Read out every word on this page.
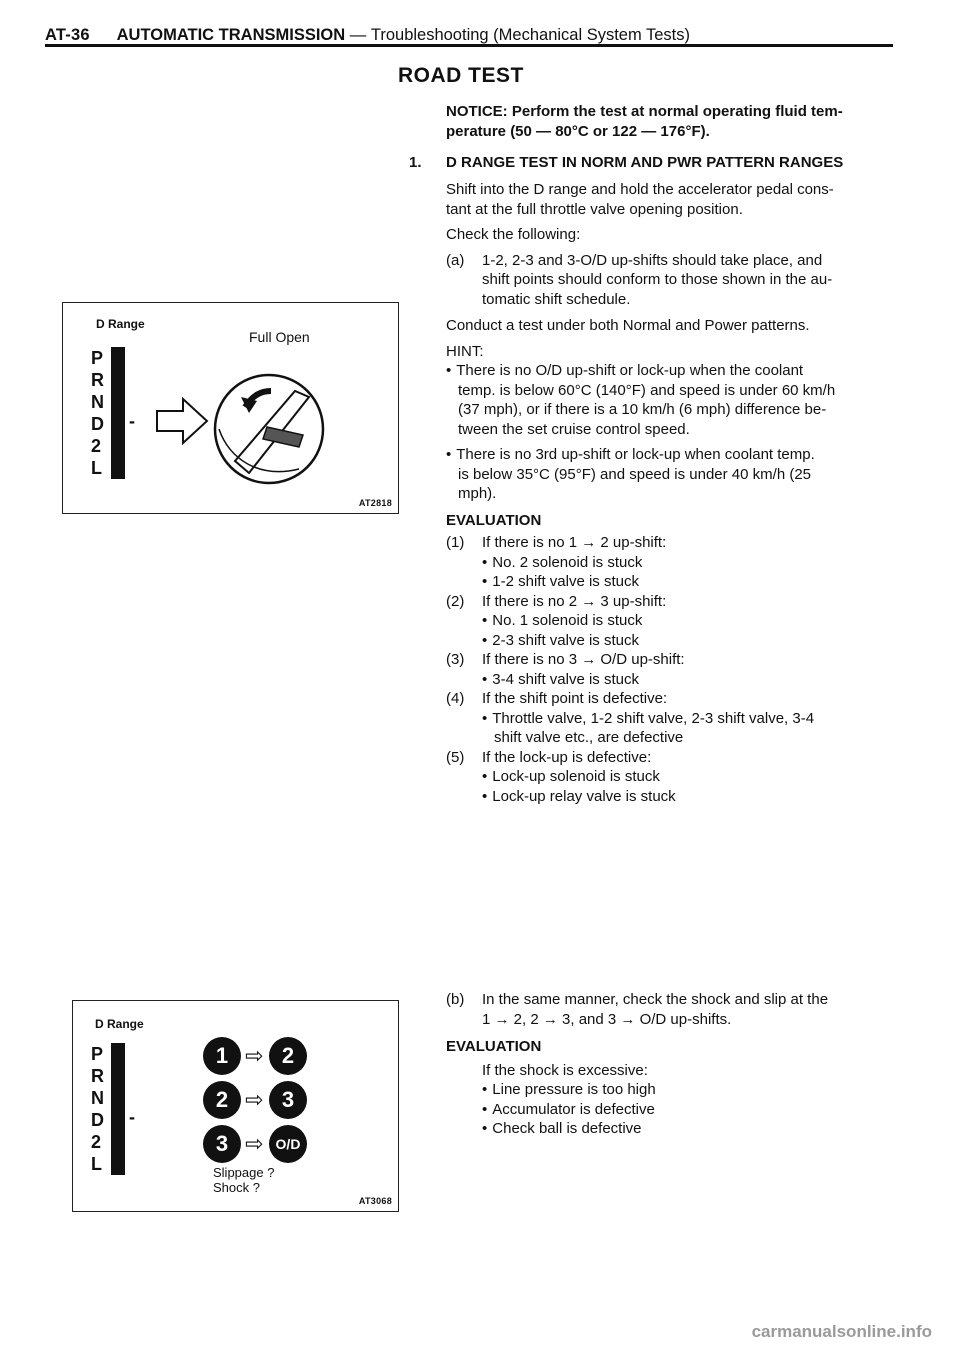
AT-36 AUTOMATIC TRANSMISSION — Troubleshooting (Mechanical System Tests)
ROAD TEST
NOTICE: Perform the test at normal operating fluid tem-
perature (50 — 80°C or 122 — 176°F).
1. D RANGE TEST IN NORM AND PWR PATTERN RANGES
Shift into the D range and hold the accelerator pedal cons-
tant at the full throttle valve opening position.
Check the following:
(a)	1-2, 2-3 and 3-O/D up-shifts should take place, and
shift points should conform to those shown in the au-
tomatic shift schedule.
Conduct a test under both Normal and Power patterns.
HINT:
• There is no O/D up-shift or lock-up when the coolant
temp. is below 60°C (140°F) and speed is under 60 km/h
(37 mph), or if there is a 10 km/h (6 mph) difference be-
tween the set cruise control speed.
• There is no 3rd up-shift or lock-up when coolant temp.
is below 35°C (95°F) and speed is under 40 km/h (25
mph).
EVALUATION
(1)	If there is no 1 → 2 up-shift:
• No. 2 solenoid is stuck
• 1-2 shift valve is stuck
(2)	If there is no 2 → 3 up-shift:
• No. 1 solenoid is stuck
• 2-3 shift valve is stuck
(3)	If there is no 3 → O/D up-shift:
• 3-4 shift valve is stuck
(4)	If the shift point is defective:
• Throttle valve, 1-2 shift valve, 2-3 shift valve, 3-4
shift valve etc., are defective
(5)	If the lock-up is defective:
• Lock-up solenoid is stuck
• Lock-up relay valve is stuck
(b)	In the same manner, check the shock and slip at the
1 → 2, 2 → 3, and 3 → O/D up-shifts.
EVALUATION
If the shock is excessive:
• Line pressure is too high
• Accumulator is defective
• Check ball is defective
D Range
Full Open
P
R
N
D
2
L
-
AT2818
D Range
P
R
N
D
2
L
-
1 ⇨ 2
2 ⇨ 3
3 ⇨ O/D
Slippage ?
Shock ?
AT3068
carmanualsonline.info
